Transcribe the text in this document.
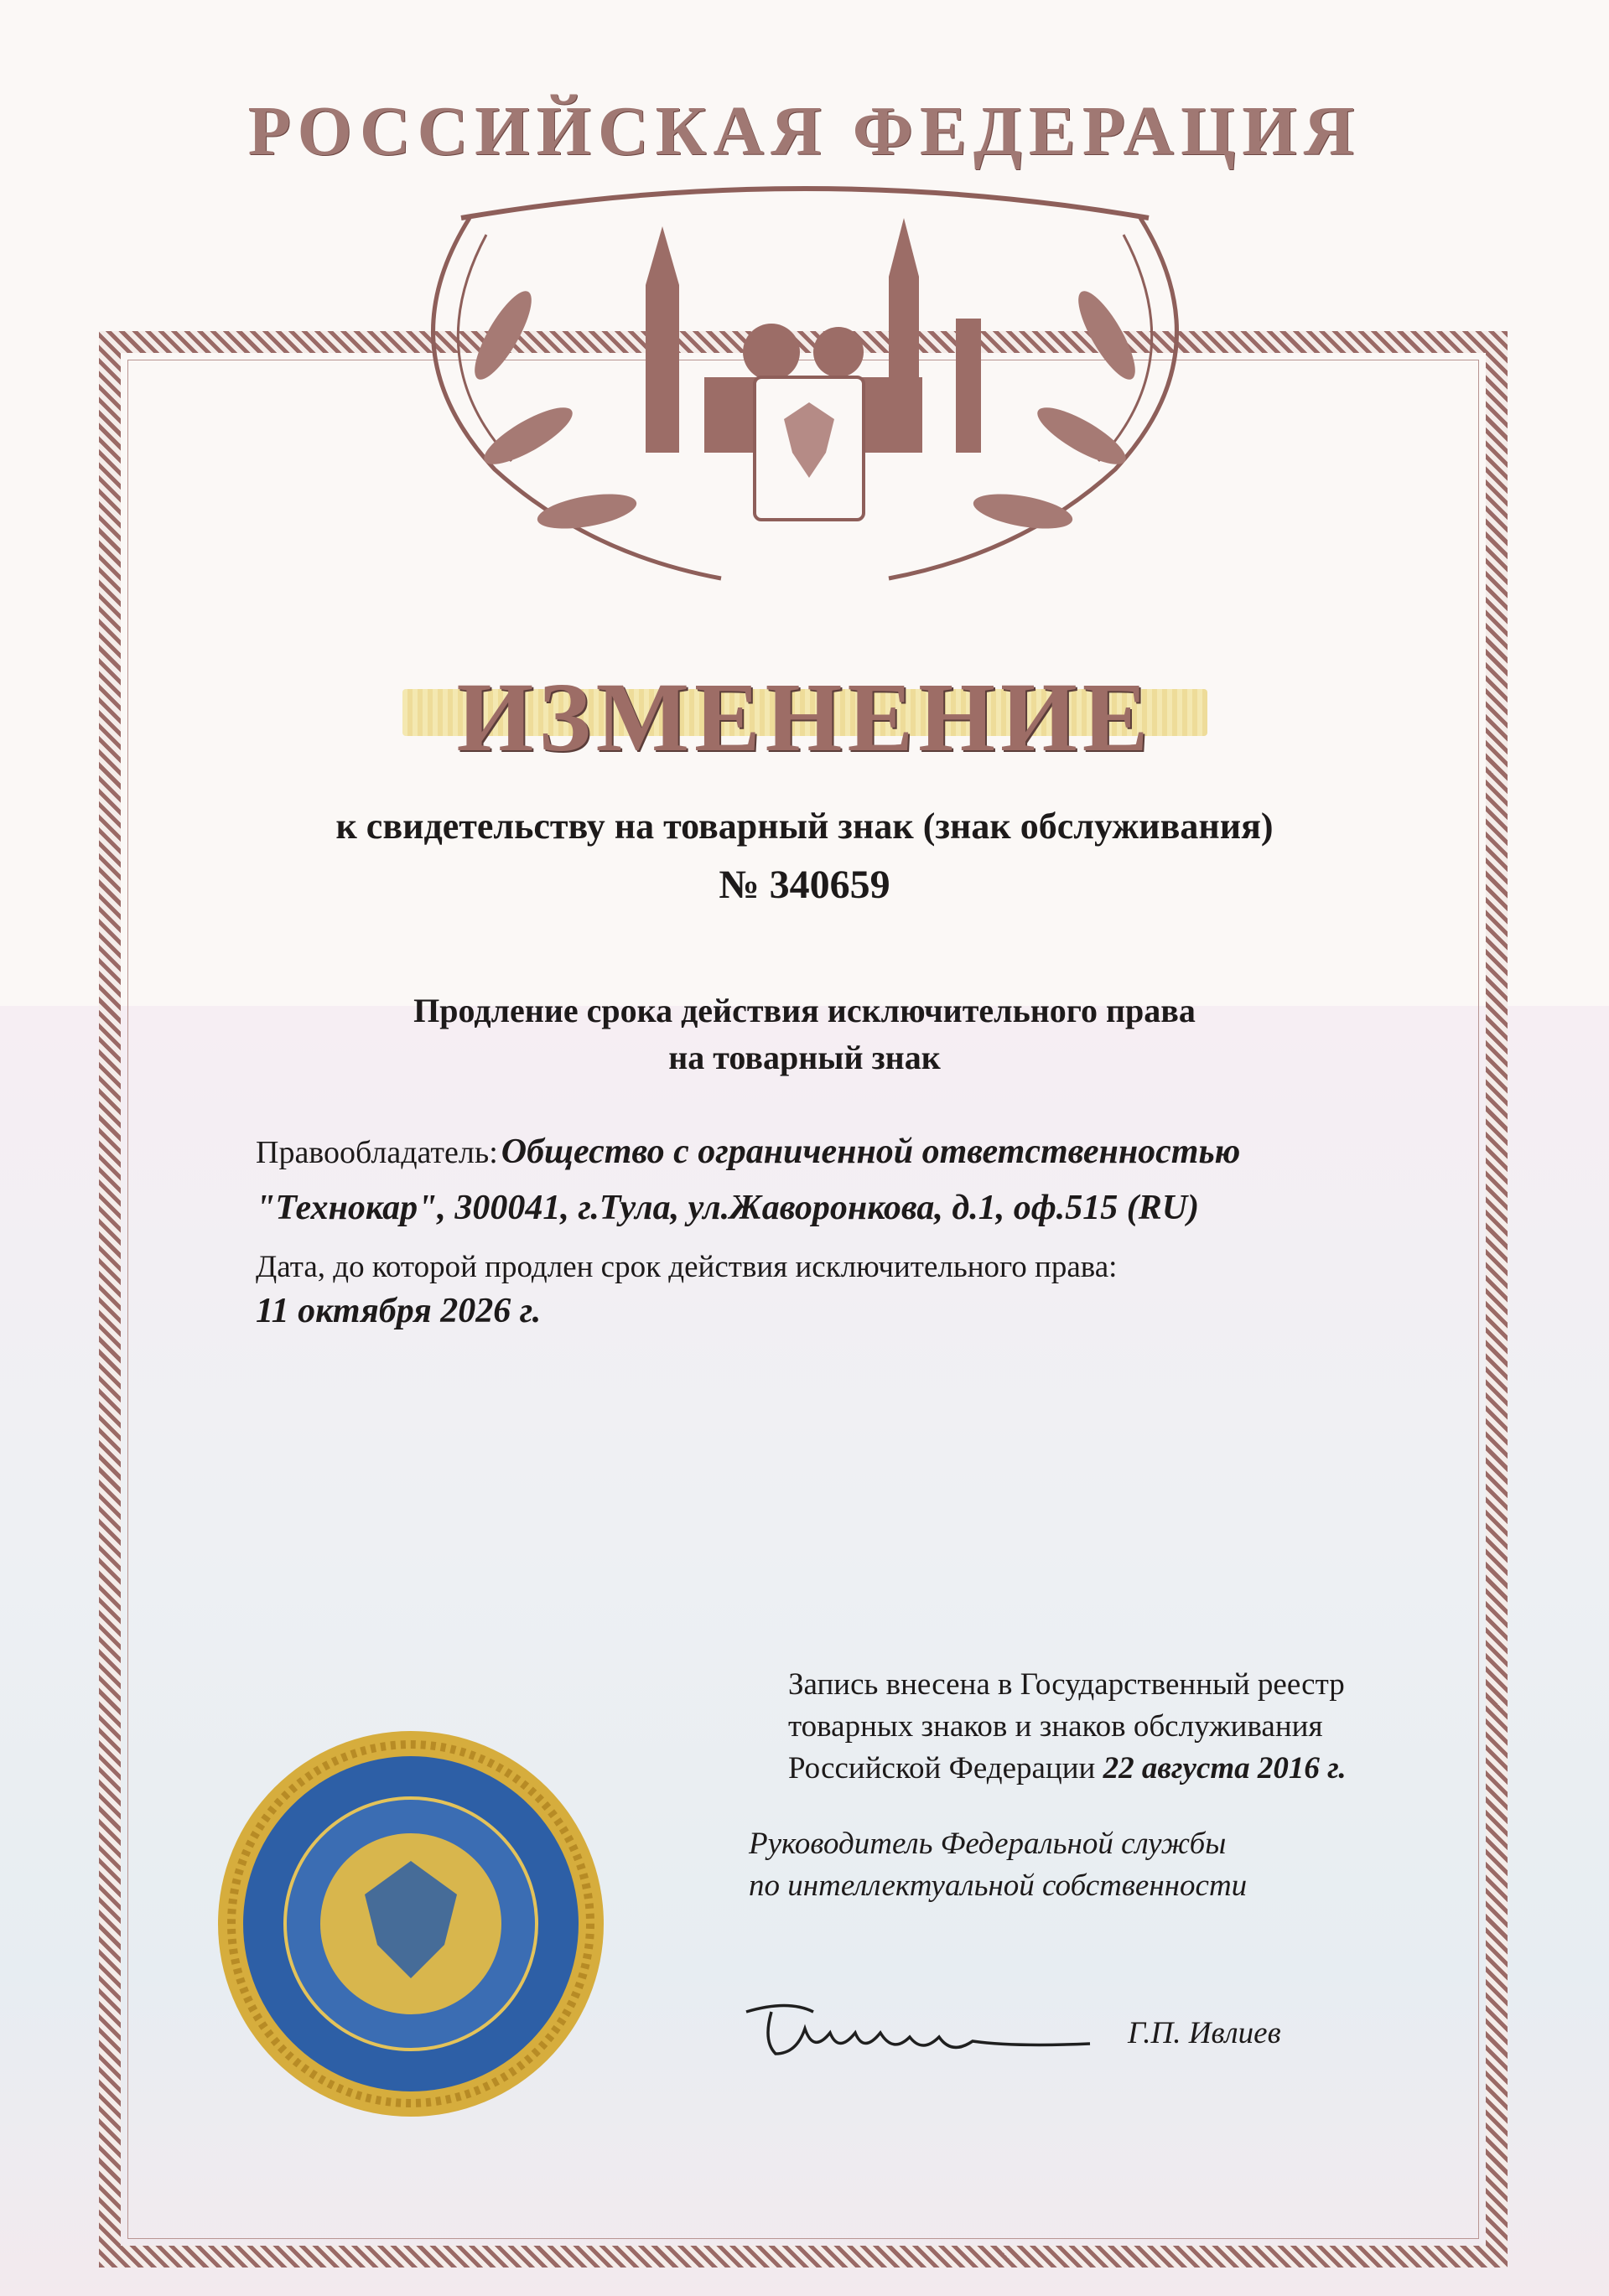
РОССИЙСКАЯ ФЕДЕРАЦИЯ
ИЗМЕНЕНИЕ
к свидетельству на товарный знак (знак обслуживания)
№ 340659
Продление срока действия исключительного права
на товарный знак
Правообладатель: Общество с ограниченной ответственностью
"Технокар", 300041, г.Тула, ул.Жаворонкова, д.1, оф.515 (RU)
Дата, до которой продлен срок действия исключительного права:
11 октября 2026 г.
Запись внесена в Государственный реестр
товарных знаков и знаков обслуживания
Российской Федерации 22 августа 2016 г.
Руководитель Федеральной службы
по интеллектуальной собственности
Г.П. Ивлиев
